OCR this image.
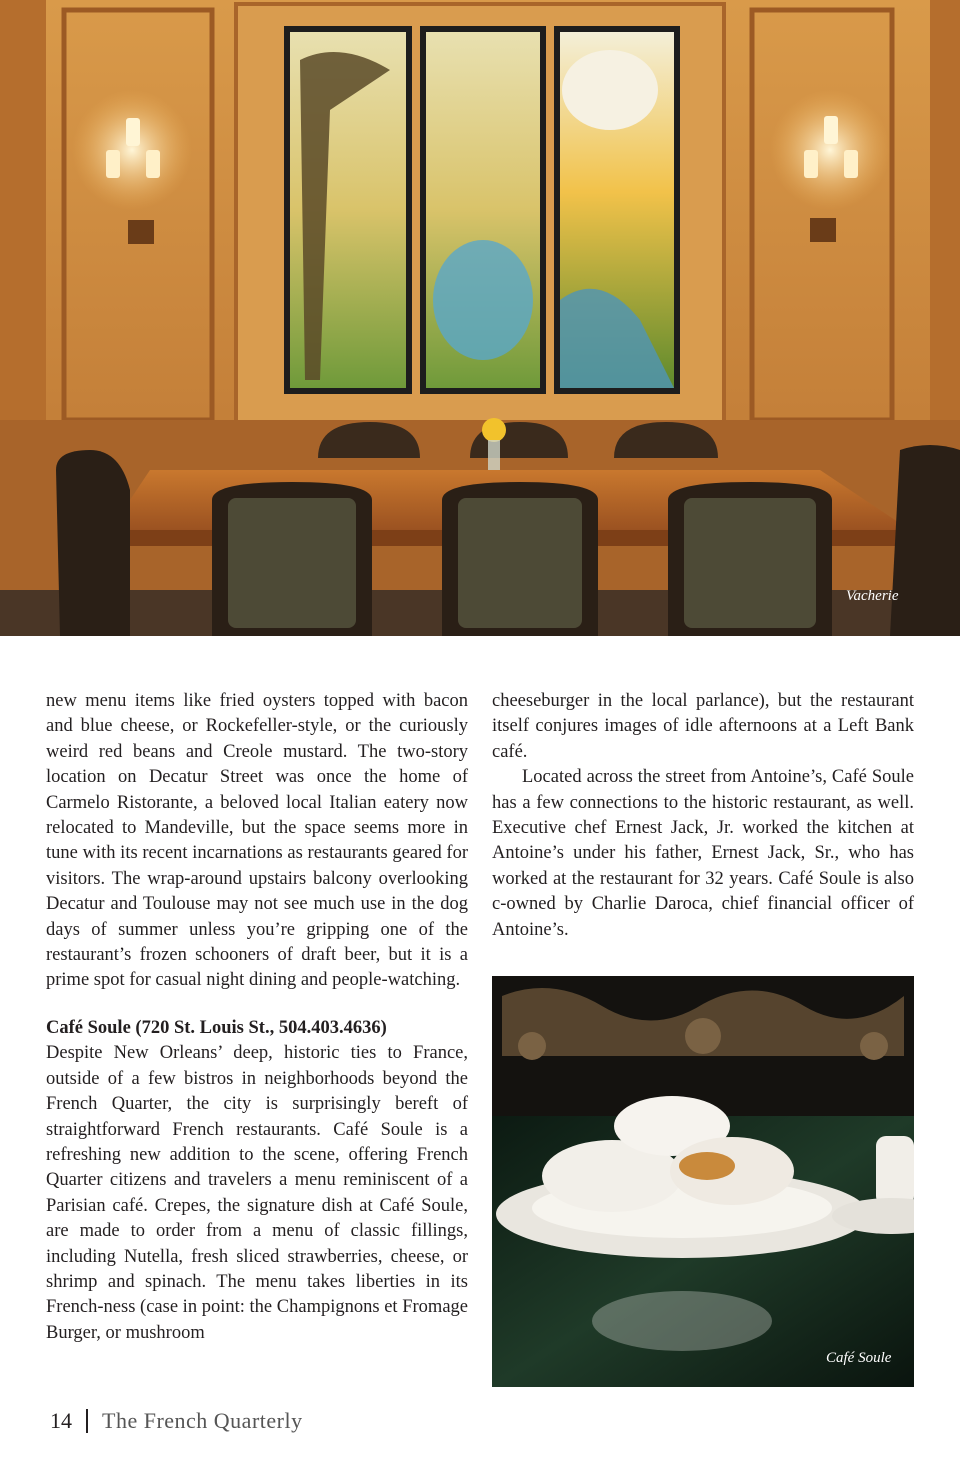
Vacherie

new menu items like fried oysters topped with bacon and blue cheese, or Rockefeller-style, or the curiously weird red beans and Creole mustard. The two-story location on Decatur Street was once the home of Carmelo Ristorante, a beloved local Italian eatery now relocated to Mandeville, but the space seems more in tune with its recent incarnations as restaurants geared for visitors. The wrap-around upstairs balcony overlooking Decatur and Toulouse may not see much use in the dog days of summer unless you’re gripping one of the restaurant’s frozen schooners of draft beer, but it is a prime spot for casual night dining and people-watching.

Café Soule (720 St. Louis St., 504.403.4636)

Despite New Orleans’ deep, historic ties to France, outside of a few bistros in neighborhoods beyond the French Quarter, the city is surprisingly bereft of straightforward French restaurants. Café Soule is a refreshing new addition to the scene, offering French Quarter citizens and travelers a menu reminiscent of a Parisian café. Crepes, the signature dish at Café Soule, are made to order from a menu of classic fillings, including Nutella, fresh sliced strawberries, cheese, or shrimp and spinach. The menu takes liberties in its French-ness (case in point: the Champignons et Fromage Burger, or mushroom

cheeseburger in the local parlance), but the restaurant itself conjures images of idle afternoons at a Left Bank café.

Located across the street from Antoine’s, Café Soule has a few connections to the historic restaurant, as well. Executive chef Ernest Jack, Jr. worked the kitchen at Antoine’s under his father, Ernest Jack, Sr., who has worked at the restaurant for 32 years. Café Soule is also c-owned by Charlie Daroca, chief financial officer of Antoine’s.

Café Soule
14 The French Quarterly
